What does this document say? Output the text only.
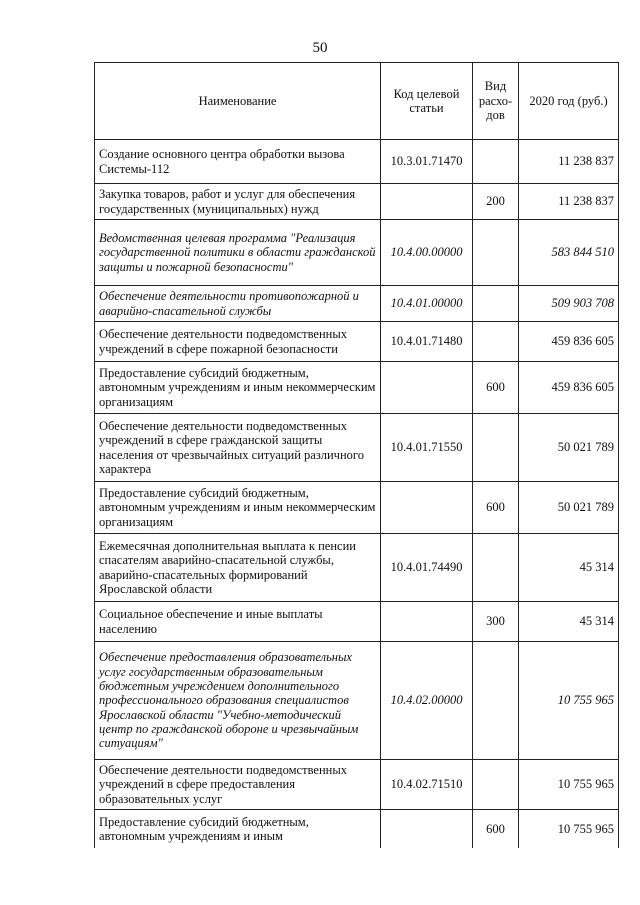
50
Наименование	Код целевой статьи	Вид расхо-дов	2020 год (руб.)
Создание основного центра обработки вызова Системы-112	10.3.01.71470		11 238 837
Закупка товаров, работ и услуг для обеспечения государственных (муниципальных) нужд		200	11 238 837
Ведомственная целевая программа "Реализация государственной политики в области гражданской защиты и пожарной безопасности"	10.4.00.00000		583 844 510
Обеспечение деятельности противопожарной и аварийно-спасательной службы	10.4.01.00000		509 903 708
Обеспечение деятельности подведомственных учреждений в сфере пожарной безопасности	10.4.01.71480		459 836 605
Предоставление субсидий бюджетным, автономным учреждениям и иным некоммерческим организациям		600	459 836 605
Обеспечение деятельности подведомственных учреждений в сфере гражданской защиты населения от чрезвычайных ситуаций различного характера	10.4.01.71550		50 021 789
Предоставление субсидий бюджетным, автономным учреждениям и иным некоммерческим организациям		600	50 021 789
Ежемесячная дополнительная выплата к пенсии спасателям аварийно-спасательной службы, аварийно-спасательных формирований Ярославской области	10.4.01.74490		45 314
Социальное обеспечение и иные выплаты населению		300	45 314
Обеспечение предоставления образовательных услуг государственным образовательным бюджетным учреждением дополнительного профессионального образования специалистов Ярославской области "Учебно-методический центр по гражданской обороне и чрезвычайным ситуациям"	10.4.02.00000		10 755 965
Обеспечение деятельности подведомственных учреждений в сфере предоставления образовательных услуг	10.4.02.71510		10 755 965
Предоставление субсидий бюджетным, автономным учреждениям и иным		600	10 755 965
